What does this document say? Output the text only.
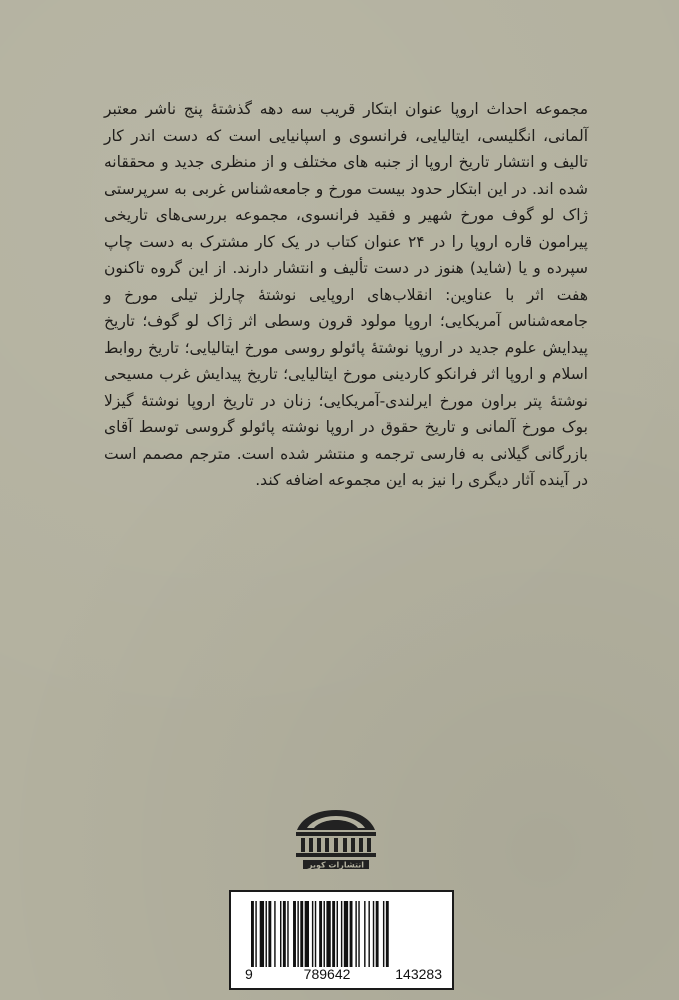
مجموعه احداث اروپا عنوان ابتکار قریب سه دهه گذشتهٔ پنج ناشر معتبر آلمانی، انگلیسی، ایتالیایی، فرانسوی و اسپانیایی است که دست اندر کار تالیف و انتشار تاریخ اروپا از جنبه های مختلف و از منظری جدید و محققانه شده اند. در این ابتکار حدود بیست مورخ و جامعه‌شناس غربی به سرپرستی ژاک لو گوف مورخ شهیر و فقید فرانسوی، مجموعه بررسی‌های تاریخی پیرامون قاره اروپا را در ۲۴ عنوان کتاب در یک کار مشترک به دست چاپ سپرده و یا (شاید) هنوز در دست تألیف و انتشار دارند. از این گروه تاکنون هفت اثر با عناوین: انقلاب‌های اروپایی نوشتهٔ چارلز تیلی مورخ و جامعه‌شناس آمریکایی؛ اروپا مولود قرون وسطی اثر ژاک لو گوف؛ تاریخ پیدایش علوم جدید در اروپا نوشتهٔ پائولو روسی مورخ ایتالیایی؛ تاریخ روابط اسلام و اروپا اثر فرانکو کاردینی مورخ ایتالیایی؛ تاریخ پیدایش غرب مسیحی نوشتهٔ پتر براون مورخ ایرلندی-آمریکایی؛ زنان در تاریخ اروپا نوشتهٔ گیزلا بوک مورخ آلمانی و تاریخ حقوق در اروپا نوشته پائولو گروسی توسط آقای بازرگانی گیلانی به فارسی ترجمه و منتشر شده است. مترجم مصمم است در آینده آثار دیگری را نیز به این مجموعه اضافه کند.

انتشارات کویر
9	789642	143283
